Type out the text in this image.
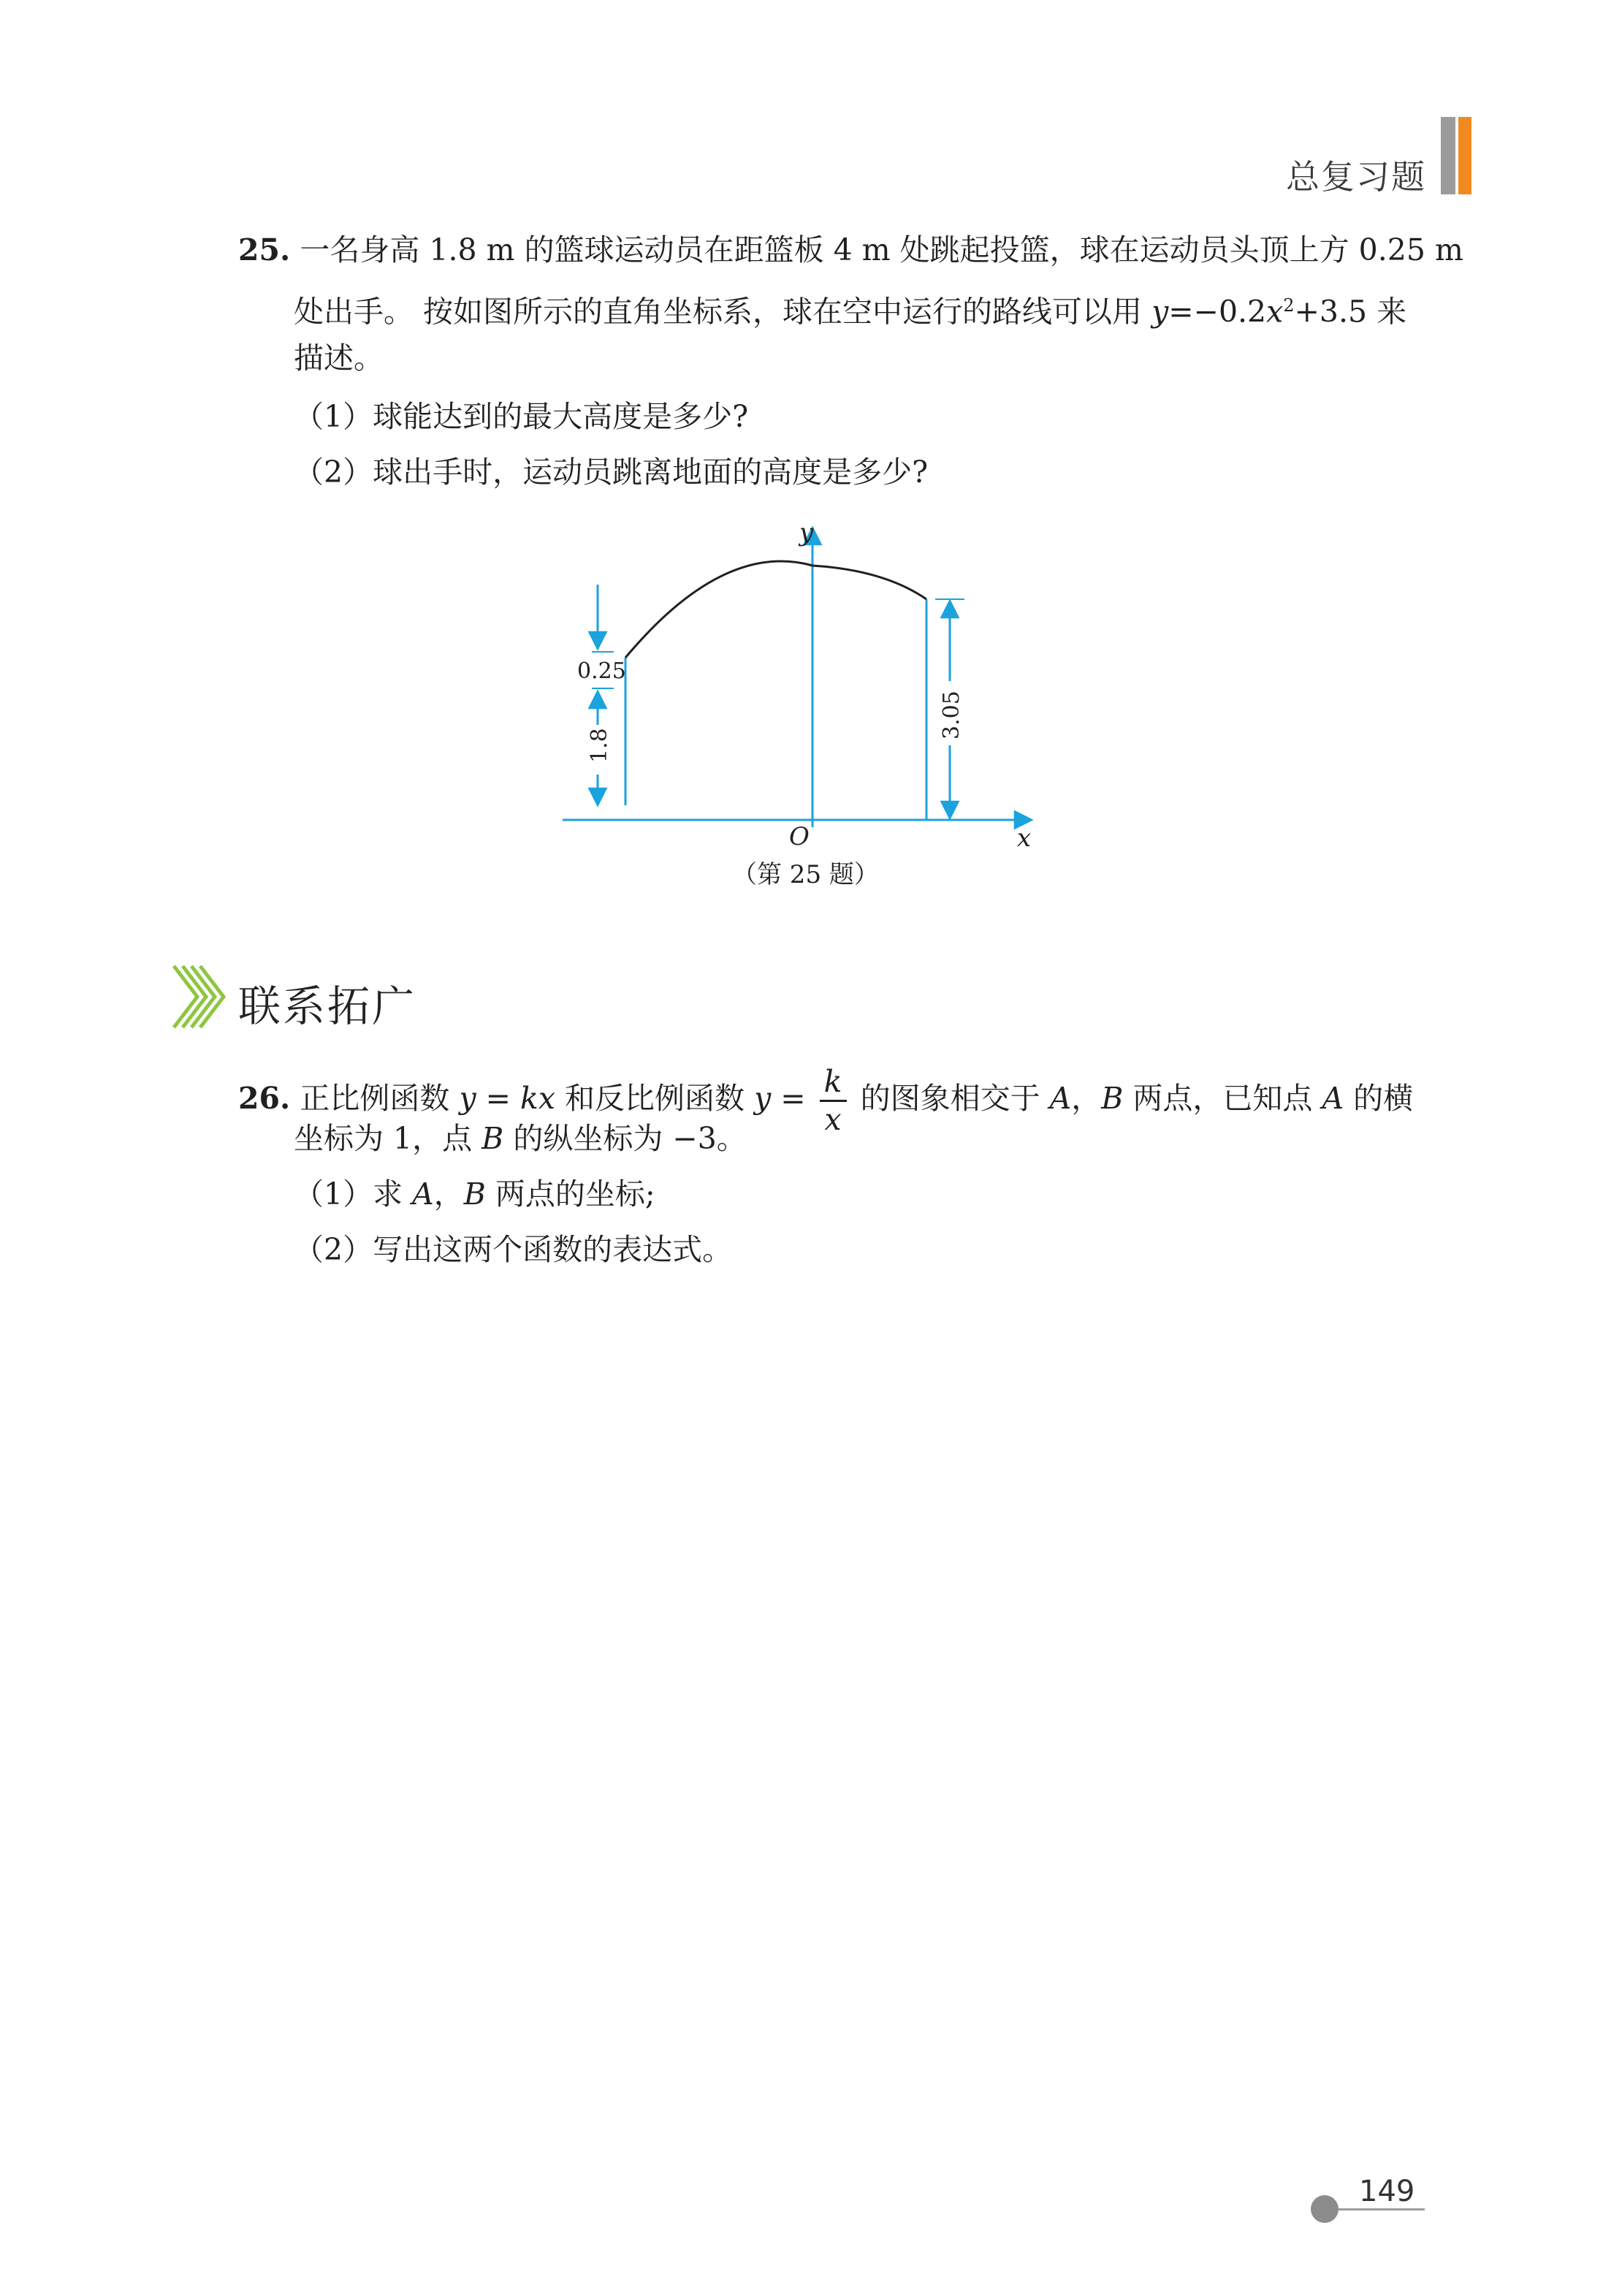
总复习题
25. 一名身高 1.8 m 的篮球运动员在距篮板 4 m 处跳起投篮，球在运动员头顶上方 0.25 m
处出手。 按如图所示的直角坐标系，球在空中运行的路线可以用 $y=-0.2x^2+3.5$ 来
描述。
（1）球能达到的最大高度是多少?
（2）球出手时，运动员跳离地面的高度是多少?
y
x
O
0.25
1.8
3.05
（第 25 题）
联系拓广
26. 正比例函数 y = kx 和反比例函数 $y = \frac{k}{x}$ 的图象相交于 A，B 两点，已知点 A 的横
坐标为 1，点 B 的纵坐标为 −3。
（1）求 A，B 两点的坐标;
（2）写出这两个函数的表达式。
149
